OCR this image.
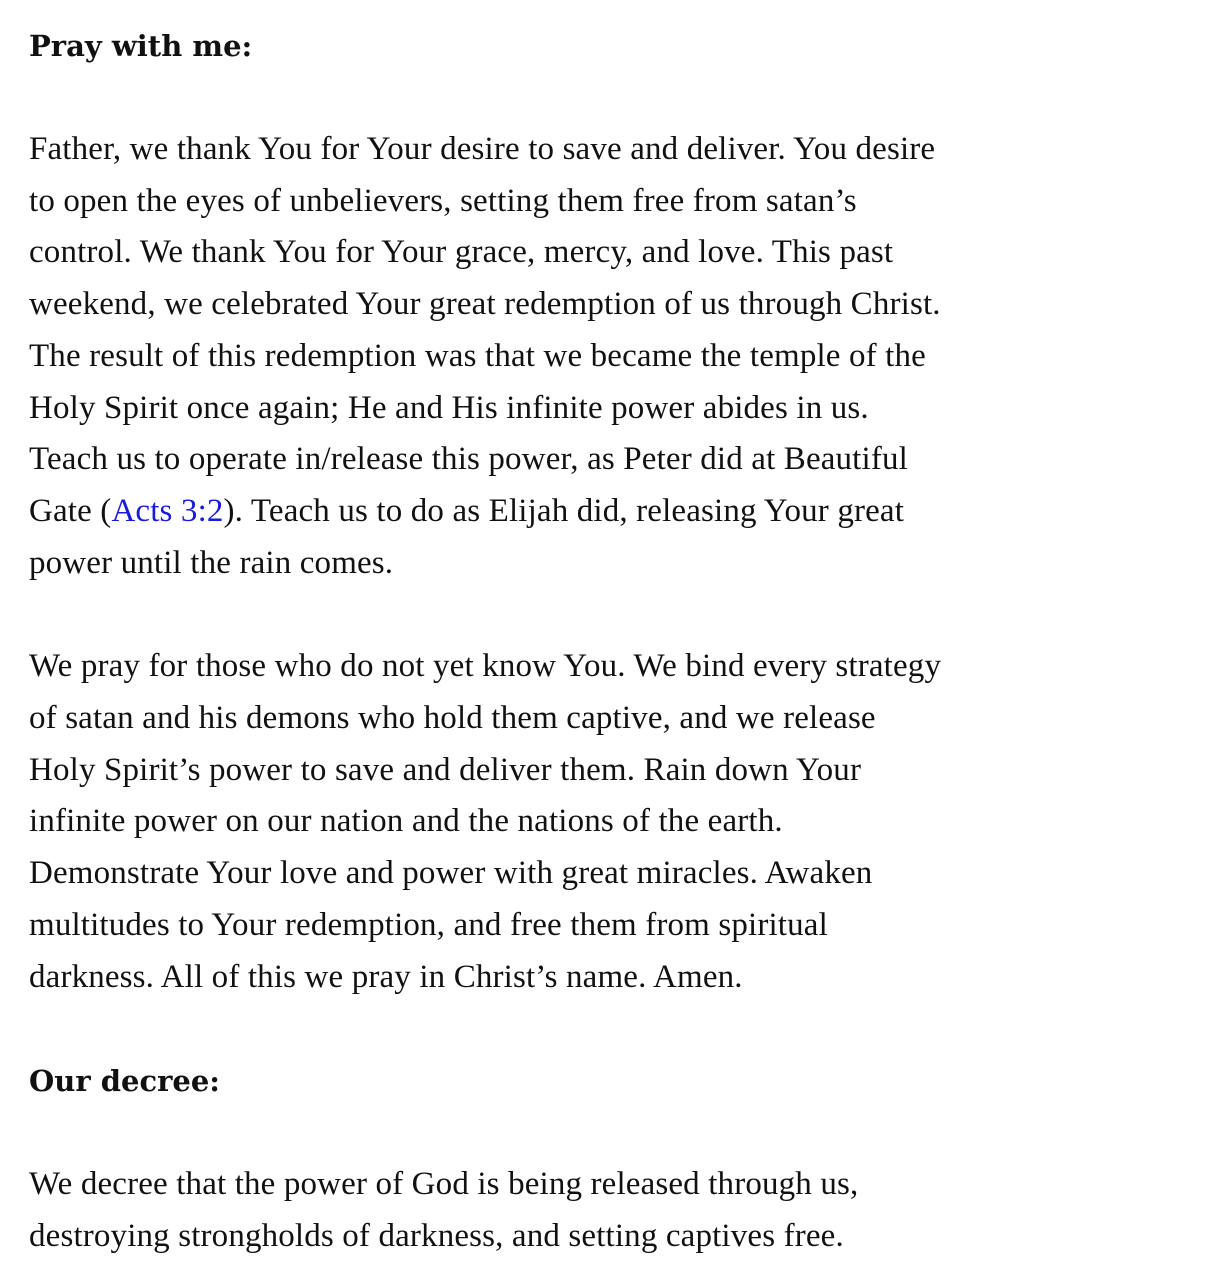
Pray with me:

Father, we thank You for Your desire to save and deliver. You desire
to open the eyes of unbelievers, setting them free from satan’s
control. We thank You for Your grace, mercy, and love. This past
weekend, we celebrated Your great redemption of us through Christ.
The result of this redemption was that we became the temple of the
Holy Spirit once again; He and His infinite power abides in us.
Teach us to operate in/release this power, as Peter did at Beautiful
Gate (Acts 3:2). Teach us to do as Elijah did, releasing Your great
power until the rain comes.
We pray for those who do not yet know You. We bind every strategy
of satan and his demons who hold them captive, and we release
Holy Spirit’s power to save and deliver them. Rain down Your
infinite power on our nation and the nations of the earth.
Demonstrate Your love and power with great miracles. Awaken
multitudes to Your redemption, and free them from spiritual
darkness. All of this we pray in Christ’s name. Amen.

Our decree:

We decree that the power of God is being released through us,
destroying strongholds of darkness, and setting captives free.
